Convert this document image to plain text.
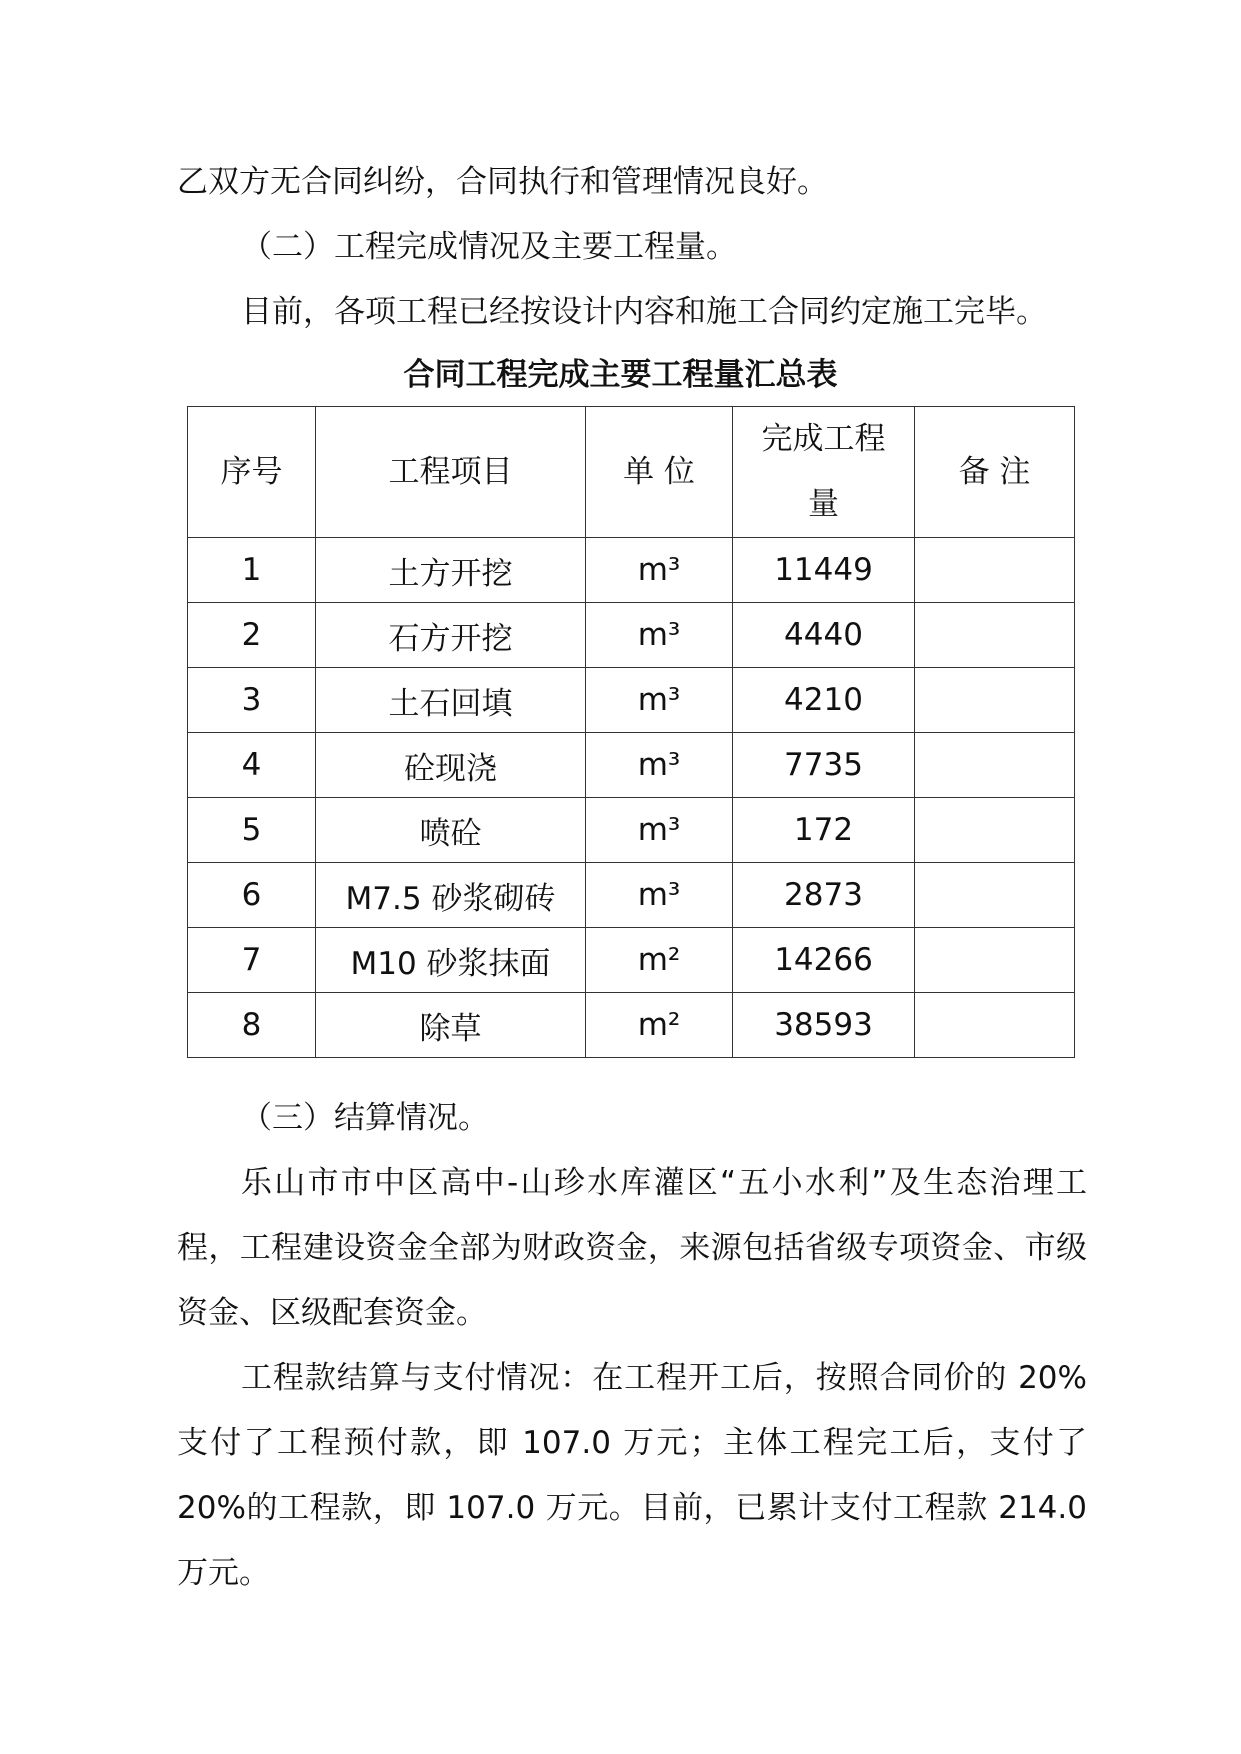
乙双方无合同纠纷，合同执行和管理情况良好。

（二）工程完成情况及主要工程量。

目前，各项工程已经按设计内容和施工合同约定施工完毕。

合同工程完成主要工程量汇总表
序号	工程项目	单 位	完成工程量	备 注
1	土方开挖	m³	11449	
2	石方开挖	m³	4440	
3	土石回填	m³	4210	
4	砼现浇	m³	7735	
5	喷砼	m³	172	
6	M7.5 砂浆砌砖	m³	2873	
7	M10 砂浆抹面	m²	14266	
8	除草	m²	38593	

（三）结算情况。

乐山市市中区高中-山珍水库灌区“五小水利”及生态治理工程，工程建设资金全部为财政资金，来源包括省级专项资金、市级资金、区级配套资金。

工程款结算与支付情况：在工程开工后，按照合同价的 20%支付了工程预付款，即 107.0 万元；主体工程完工后，支付了 20%的工程款，即 107.0 万元。目前，已累计支付工程款 214.0 万元。
